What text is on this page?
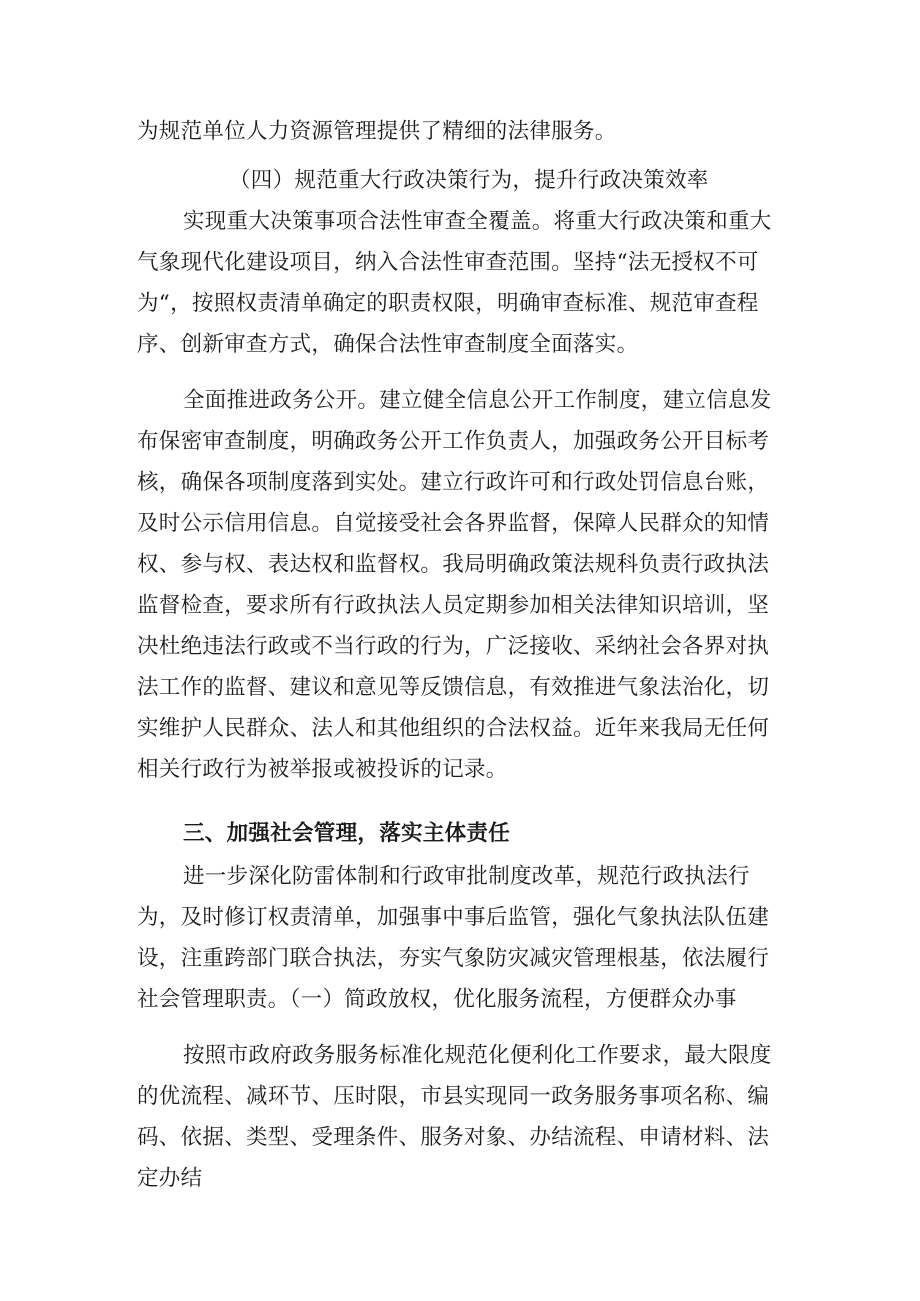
为规范单位人力资源管理提供了精细的法律服务。

（四）规范重大行政决策行为，提升行政决策效率

实现重大决策事项合法性审查全覆盖。将重大行政决策和重大气象现代化建设项目，纳入合法性审查范围。坚持“法无授权不可为“，按照权责清单确定的职责权限，明确审查标准、规范审查程序、创新审查方式，确保合法性审查制度全面落实。

全面推进政务公开。建立健全信息公开工作制度，建立信息发布保密审查制度，明确政务公开工作负责人，加强政务公开目标考核，确保各项制度落到实处。建立行政许可和行政处罚信息台账，及时公示信用信息。自觉接受社会各界监督，保障人民群众的知情权、参与权、表达权和监督权。我局明确政策法规科负责行政执法监督检查，要求所有行政执法人员定期参加相关法律知识培训，坚决杜绝违法行政或不当行政的行为，广泛接收、采纳社会各界对执法工作的监督、建议和意见等反馈信息，有效推进气象法治化，切实维护人民群众、法人和其他组织的合法权益。近年来我局无任何相关行政行为被举报或被投诉的记录。

三、加强社会管理，落实主体责任

进一步深化防雷体制和行政审批制度改革，规范行政执法行为，及时修订权责清单，加强事中事后监管，强化气象执法队伍建设，注重跨部门联合执法，夯实气象防灾减灾管理根基，依法履行社会管理职责。（一）简政放权，优化服务流程，方便群众办事

按照市政府政务服务标准化规范化便利化工作要求，最大限度的优流程、减环节、压时限，市县实现同一政务服务事项名称、编码、依据、类型、受理条件、服务对象、办结流程、申请材料、法定办结
